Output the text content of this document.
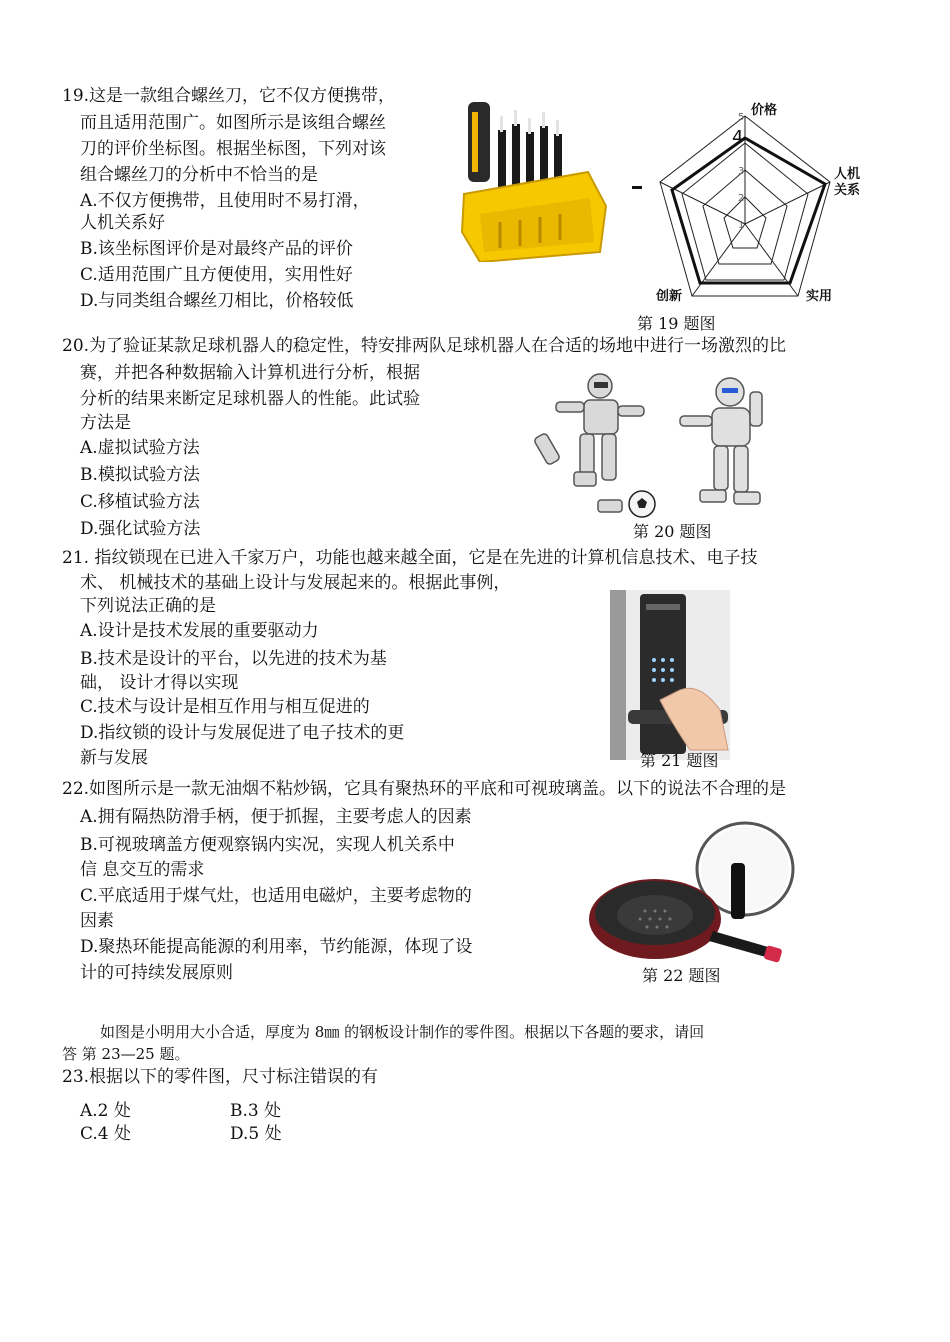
19.这是一款组合螺丝刀，它不仅方便携带，
而且适用范围广。如图所示是该组合螺丝
刀的评价坐标图。根据坐标图，下列对该
组合螺丝刀的分析中不恰当的是
A.不仅方便携带，且使用时不易打滑，
人机关系好
B.该坐标图评价是对最终产品的评价
C.适用范围广且方便使用，实用性好
D.与同类组合螺丝刀相比，价格较低
价格
人机
关系
实用
创新
1
2
3
4
5
第 19 题图
20.为了验证某款足球机器人的稳定性，特安排两队足球机器人在合适的场地中进行一场激烈的比
赛，并把各种数据输入计算机进行分析，根据
分析的结果来断定足球机器人的性能。此试验
方法是
A.虚拟试验方法
B.模拟试验方法
C.移植试验方法
D.强化试验方法	第 20 题图
21. 指纹锁现在已进入千家万户，功能也越来越全面，它是在先进的计算机信息技术、电子技
术、 机械技术的基础上设计与发展起来的。根据此事例，
下列说法正确的是
A.设计是技术发展的重要驱动力
B.技术是设计的平台，以先进的技术为基
础， 设计才得以实现
C.技术与设计是相互作用与相互促进的
D.指纹锁的设计与发展促进了电子技术的更
新与发展	第 21 题图
22.如图所示是一款无油烟不粘炒锅，它具有聚热环的平底和可视玻璃盖。以下的说法不合理的是
A.拥有隔热防滑手柄，便于抓握，主要考虑人的因素
B.可视玻璃盖方便观察锅内实况，实现人机关系中
信 息交互的需求
C.平底适用于煤气灶，也适用电磁炉，主要考虑物的
因素
D.聚热环能提高能源的利用率，节约能源，体现了设
计的可持续发展原则	第 22 题图
如图是小明用大小合适，厚度为 8㎜ 的钢板设计制作的零件图。根据以下各题的要求，请回
答 第 23—25 题。
23.根据以下的零件图，尺寸标注错误的有
A.2 处	B.3 处
C.4 处	D.5 处
